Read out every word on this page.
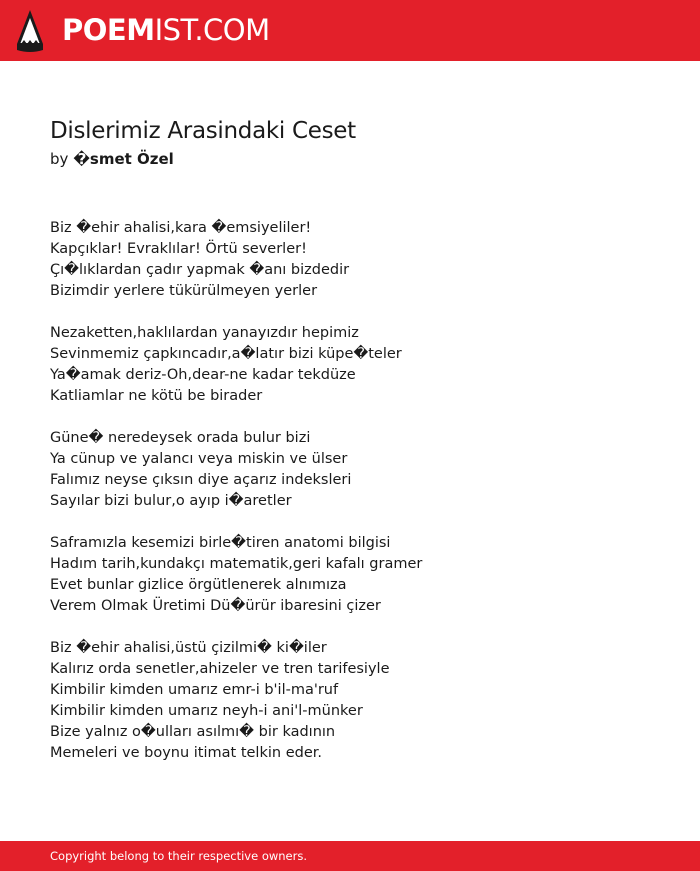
POEMIST.COM
Dislerimiz Arasindaki Ceset
by �smet Özel
Biz �ehir ahalisi,kara �emsiyeliler!
Kapçıklar! Evraklılar! Örtü severler!
Çı�lıklardan çadır yapmak �anı bizdedir
Bizimdir yerlere tükürülmeyen yerler
Nezaketten,haklılardan yanayızdır hepimiz
Sevinmemiz çapkıncadır,a�latır bizi küpe�teler
Ya�amak deriz-Oh,dear-ne kadar tekdüze
Katliamlar ne kötü be birader
Güne� neredeysek orada bulur bizi
Ya cünup ve yalancı veya miskin ve ülser
Falımız neyse çıksın diye açarız indeksleri
Sayılar bizi bulur,o ayıp i�aretler
Saframızla kesemizi birle�tiren anatomi bilgisi
Hadım tarih,kundakçı matematik,geri kafalı gramer
Evet bunlar gizlice örgütlenerek alnımıza
Verem Olmak Üretimi Dü�ürür ibaresini çizer
Biz �ehir ahalisi,üstü çizilmi� ki�iler
Kalırız orda senetler,ahizeler ve tren tarifesiyle
Kimbilir kimden umarız emr-i b'il-ma'ruf
Kimbilir kimden umarız neyh-i ani'l-münker
Bize yalnız o�ulları asılmı� bir kadının
Memeleri ve boynu itimat telkin eder.
Copyright belong to their respective owners.
